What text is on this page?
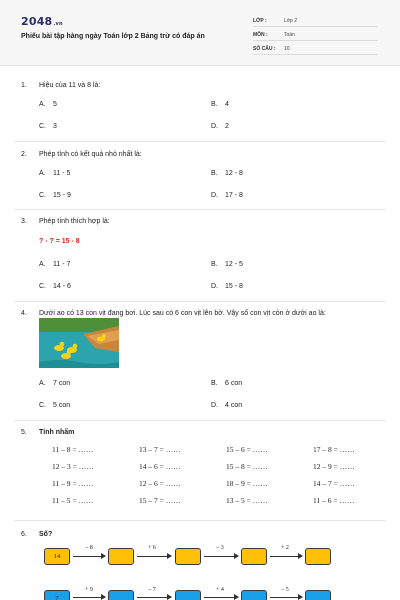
2048.vn
Phiếu bài tập hàng ngày Toán lớp 2 Bảng trừ có đáp án
LỚP :	Lớp 2
MÔN :	Toán
SỐ CÂU : 10
1. Hiệu của 11 và 8 là:
A. 5	B. 4
C. 3	D. 2
2. Phép tính có kết quả nhỏ nhất là:
A. 11 - 5	B. 12 - 8
C. 15 - 9	D. 17 - 8
3. Phép tính thích hợp là:
? - ? = 15 - 8
A. 11 - 7	B. 12 - 5
C. 14 - 6	D. 15 - 8
4. Dưới ao có 13 con vịt đang bơi. Lúc sau có 6 con vịt lên bờ. Vậy số con vịt còn ở dưới ao là:
A. 7 con	B. 6 con
C. 5 con	D. 4 con
5. Tính nhẩm
11 – 8 = ……	13 – 7 = ……	15 – 6 = ……	17 – 8 = ……
12 – 3 = ……	14 – 6 = ……	15 – 8 = ……	12 – 9 = ……
11 – 9 = ……	12 – 6 = ……	18 – 9 = ……	14 – 7 = ……
11 – 5 = ……	15 – 7 = ……	13 – 5 = ……	11 – 6 = ……
6. Số?
14
– 8	+ 6	– 3	+ 2
7
+ 9	– 7	+ 4	– 5
